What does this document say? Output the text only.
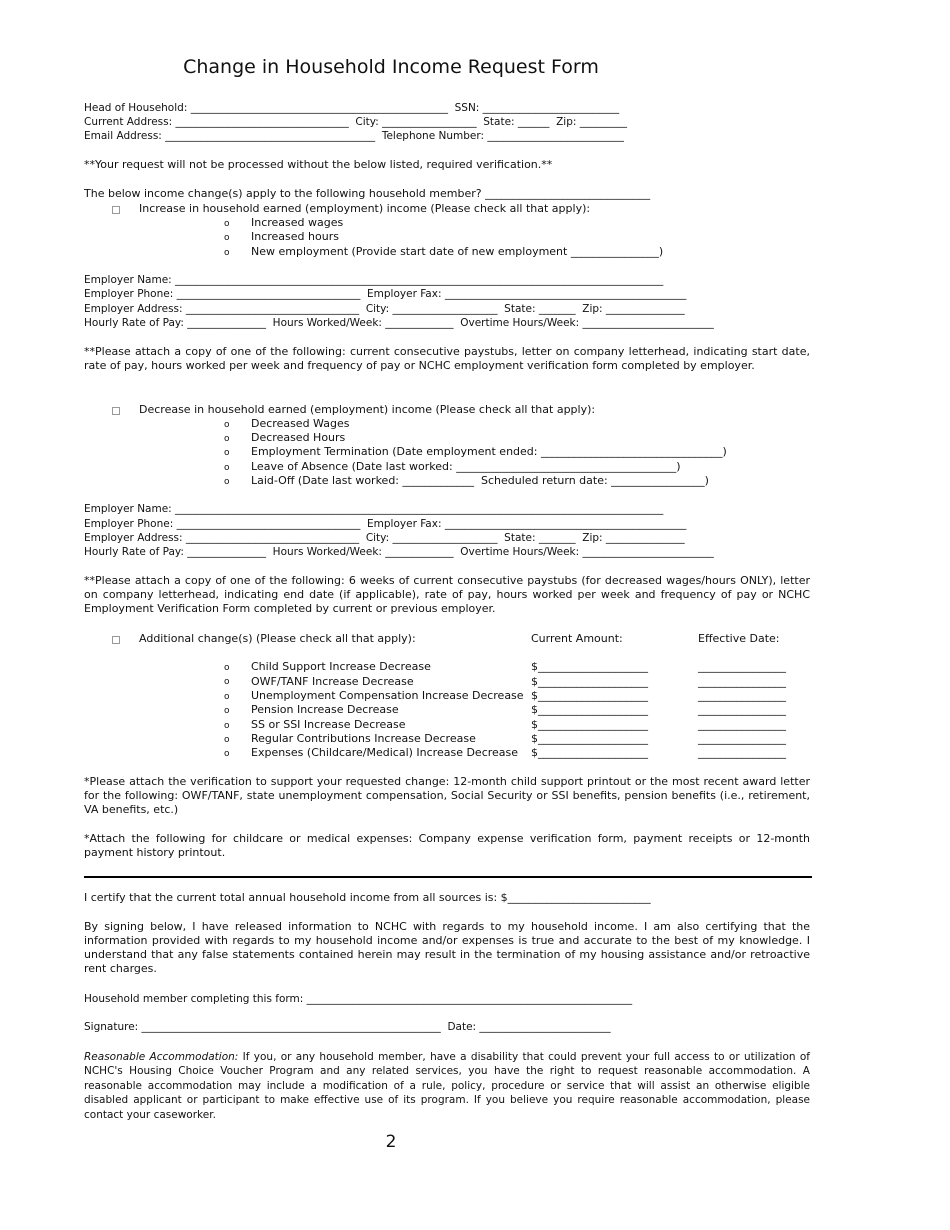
Change in Household Income Request Form
Head of Household: _________________________________________________  SSN: __________________________
Current Address: _________________________________  City: __________________  State: ______  Zip: _________
Email Address: ________________________________________  Telephone Number: __________________________
**Your request will not be processed without the below listed, required verification.**
The below income change(s) apply to the following household member? ______________________________
Increase in household earned (employment) income (Please check all that apply):
o Increased wages
o Increased hours
o New employment (Provide start date of new employment ________________)
Employer Name: _____________________________________________________________________________________________
Employer Phone: ___________________________________  Employer Fax: ______________________________________________
Employer Address: _________________________________  City: ____________________  State: _______  Zip: _______________
Hourly Rate of Pay: _______________  Hours Worked/Week: _____________  Overtime Hours/Week: _________________________
**Please attach a copy of one of the following: current consecutive paystubs, letter on company letterhead, indicating start date, rate of pay, hours worked per week and frequency of pay or NCHC employment verification form completed by employer.
Decrease in household earned (employment) income (Please check all that apply):
o Decreased Wages
o Decreased Hours
o Employment Termination (Date employment ended: _________________________________)
o Leave of Absence (Date last worked: ________________________________________)
o Laid-Off (Date last worked: _____________  Scheduled return date: _________________)
Employer Name: _____________________________________________________________________________________________
Employer Phone: ___________________________________  Employer Fax: ______________________________________________
Employer Address: _________________________________  City: ____________________  State: _______  Zip: _______________
Hourly Rate of Pay: _______________  Hours Worked/Week: _____________  Overtime Hours/Week: _________________________
**Please attach a copy of one of the following: 6 weeks of current consecutive paystubs (for decreased wages/hours ONLY), letter on company letterhead, indicating end date (if applicable), rate of pay, hours worked per week and frequency of pay or NCHC Employment Verification Form completed by current or previous employer.
Additional change(s) (Please check all that apply):	Current Amount:	Effective Date:
o Child Support Increase Decrease	$____________________	________________
o OWF/TANF Increase Decrease	$____________________	________________
o Unemployment Compensation Increase Decrease $____________________	________________
o Pension Increase Decrease	$____________________	________________
o SS or SSI Increase Decrease	$____________________	________________
o Regular Contributions Increase Decrease	$____________________	________________
o Expenses (Childcare/Medical) Increase Decrease $____________________	________________
*Please attach the verification to support your requested change: 12-month child support printout or the most recent award letter for the following: OWF/TANF, state unemployment compensation, Social Security or SSI benefits, pension benefits (i.e., retirement, VA benefits, etc.)
*Attach the following for childcare or medical expenses: Company expense verification form, payment receipts or 12-month payment history printout.
I certify that the current total annual household income from all sources is: $__________________________
By signing below, I have released information to NCHC with regards to my household income. I am also certifying that the information provided with regards to my household income and/or expenses is true and accurate to the best of my knowledge. I understand that any false statements contained herein may result in the termination of my housing assistance and/or retroactive rent charges.
Household member completing this form: ______________________________________________________________
Signature: _________________________________________________________  Date: _________________________
Reasonable Accommodation: If you, or any household member, have a disability that could prevent your full access to or utilization of NCHC's Housing Choice Voucher Program and any related services, you have the right to request reasonable accommodation. A reasonable accommodation may include a modification of a rule, policy, procedure or service that will assist an otherwise eligible disabled applicant or participant to make effective use of its program. If you believe you require reasonable accommodation, please contact your caseworker.
2
